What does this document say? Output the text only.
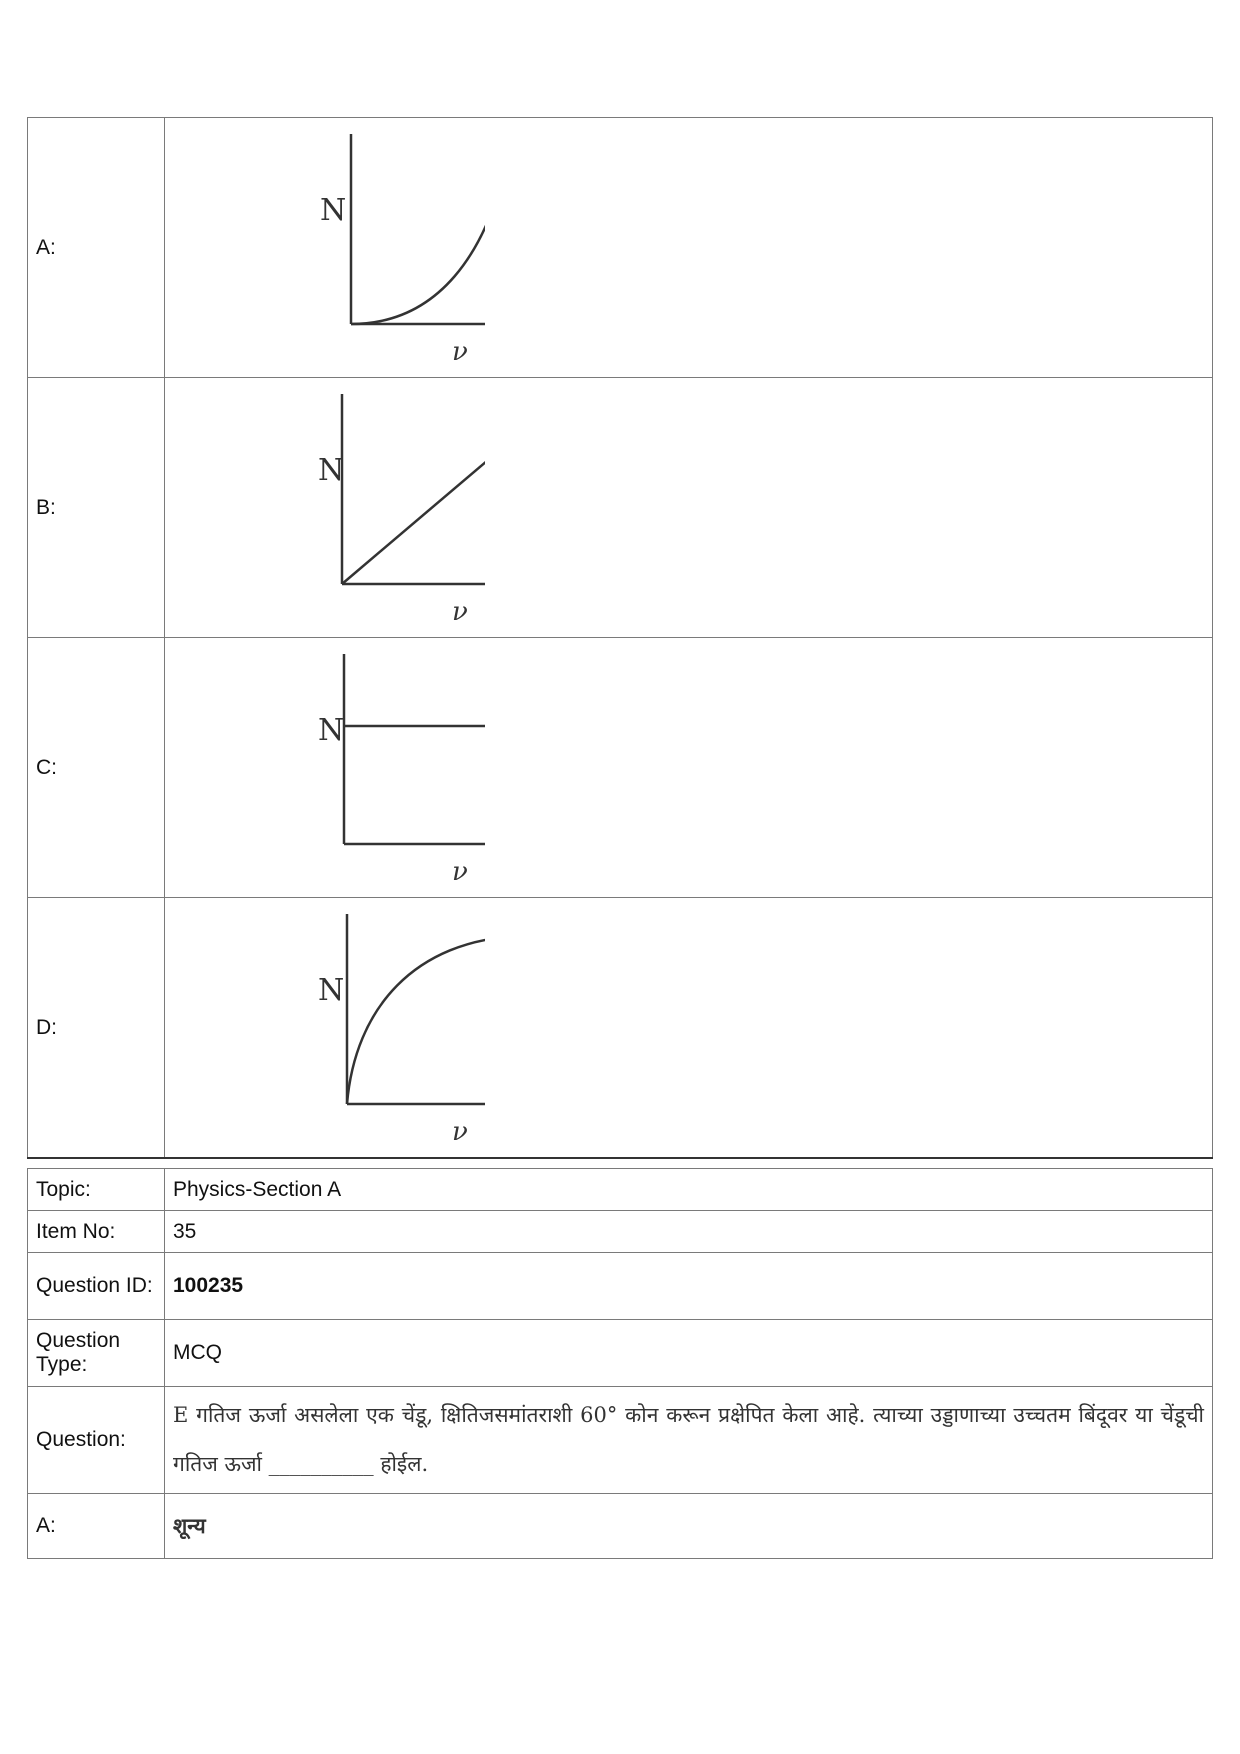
A:	N
ν

B:	N
ν

C:	N
ν

D:	N
ν
Topic:	Physics-Section A
Item No:	35
Question ID:	100235
Question Type:	MCQ
Question:	E गतिज ऊर्जा असलेला एक चेंडू, क्षितिजसमांतराशी 60° कोन करून प्रक्षेपित केला आहे. त्याच्या उड्डाणाच्या उच्चतम बिंदूवर या चेंडूची गतिज ऊर्जा __________ होईल.
A:	शून्य
